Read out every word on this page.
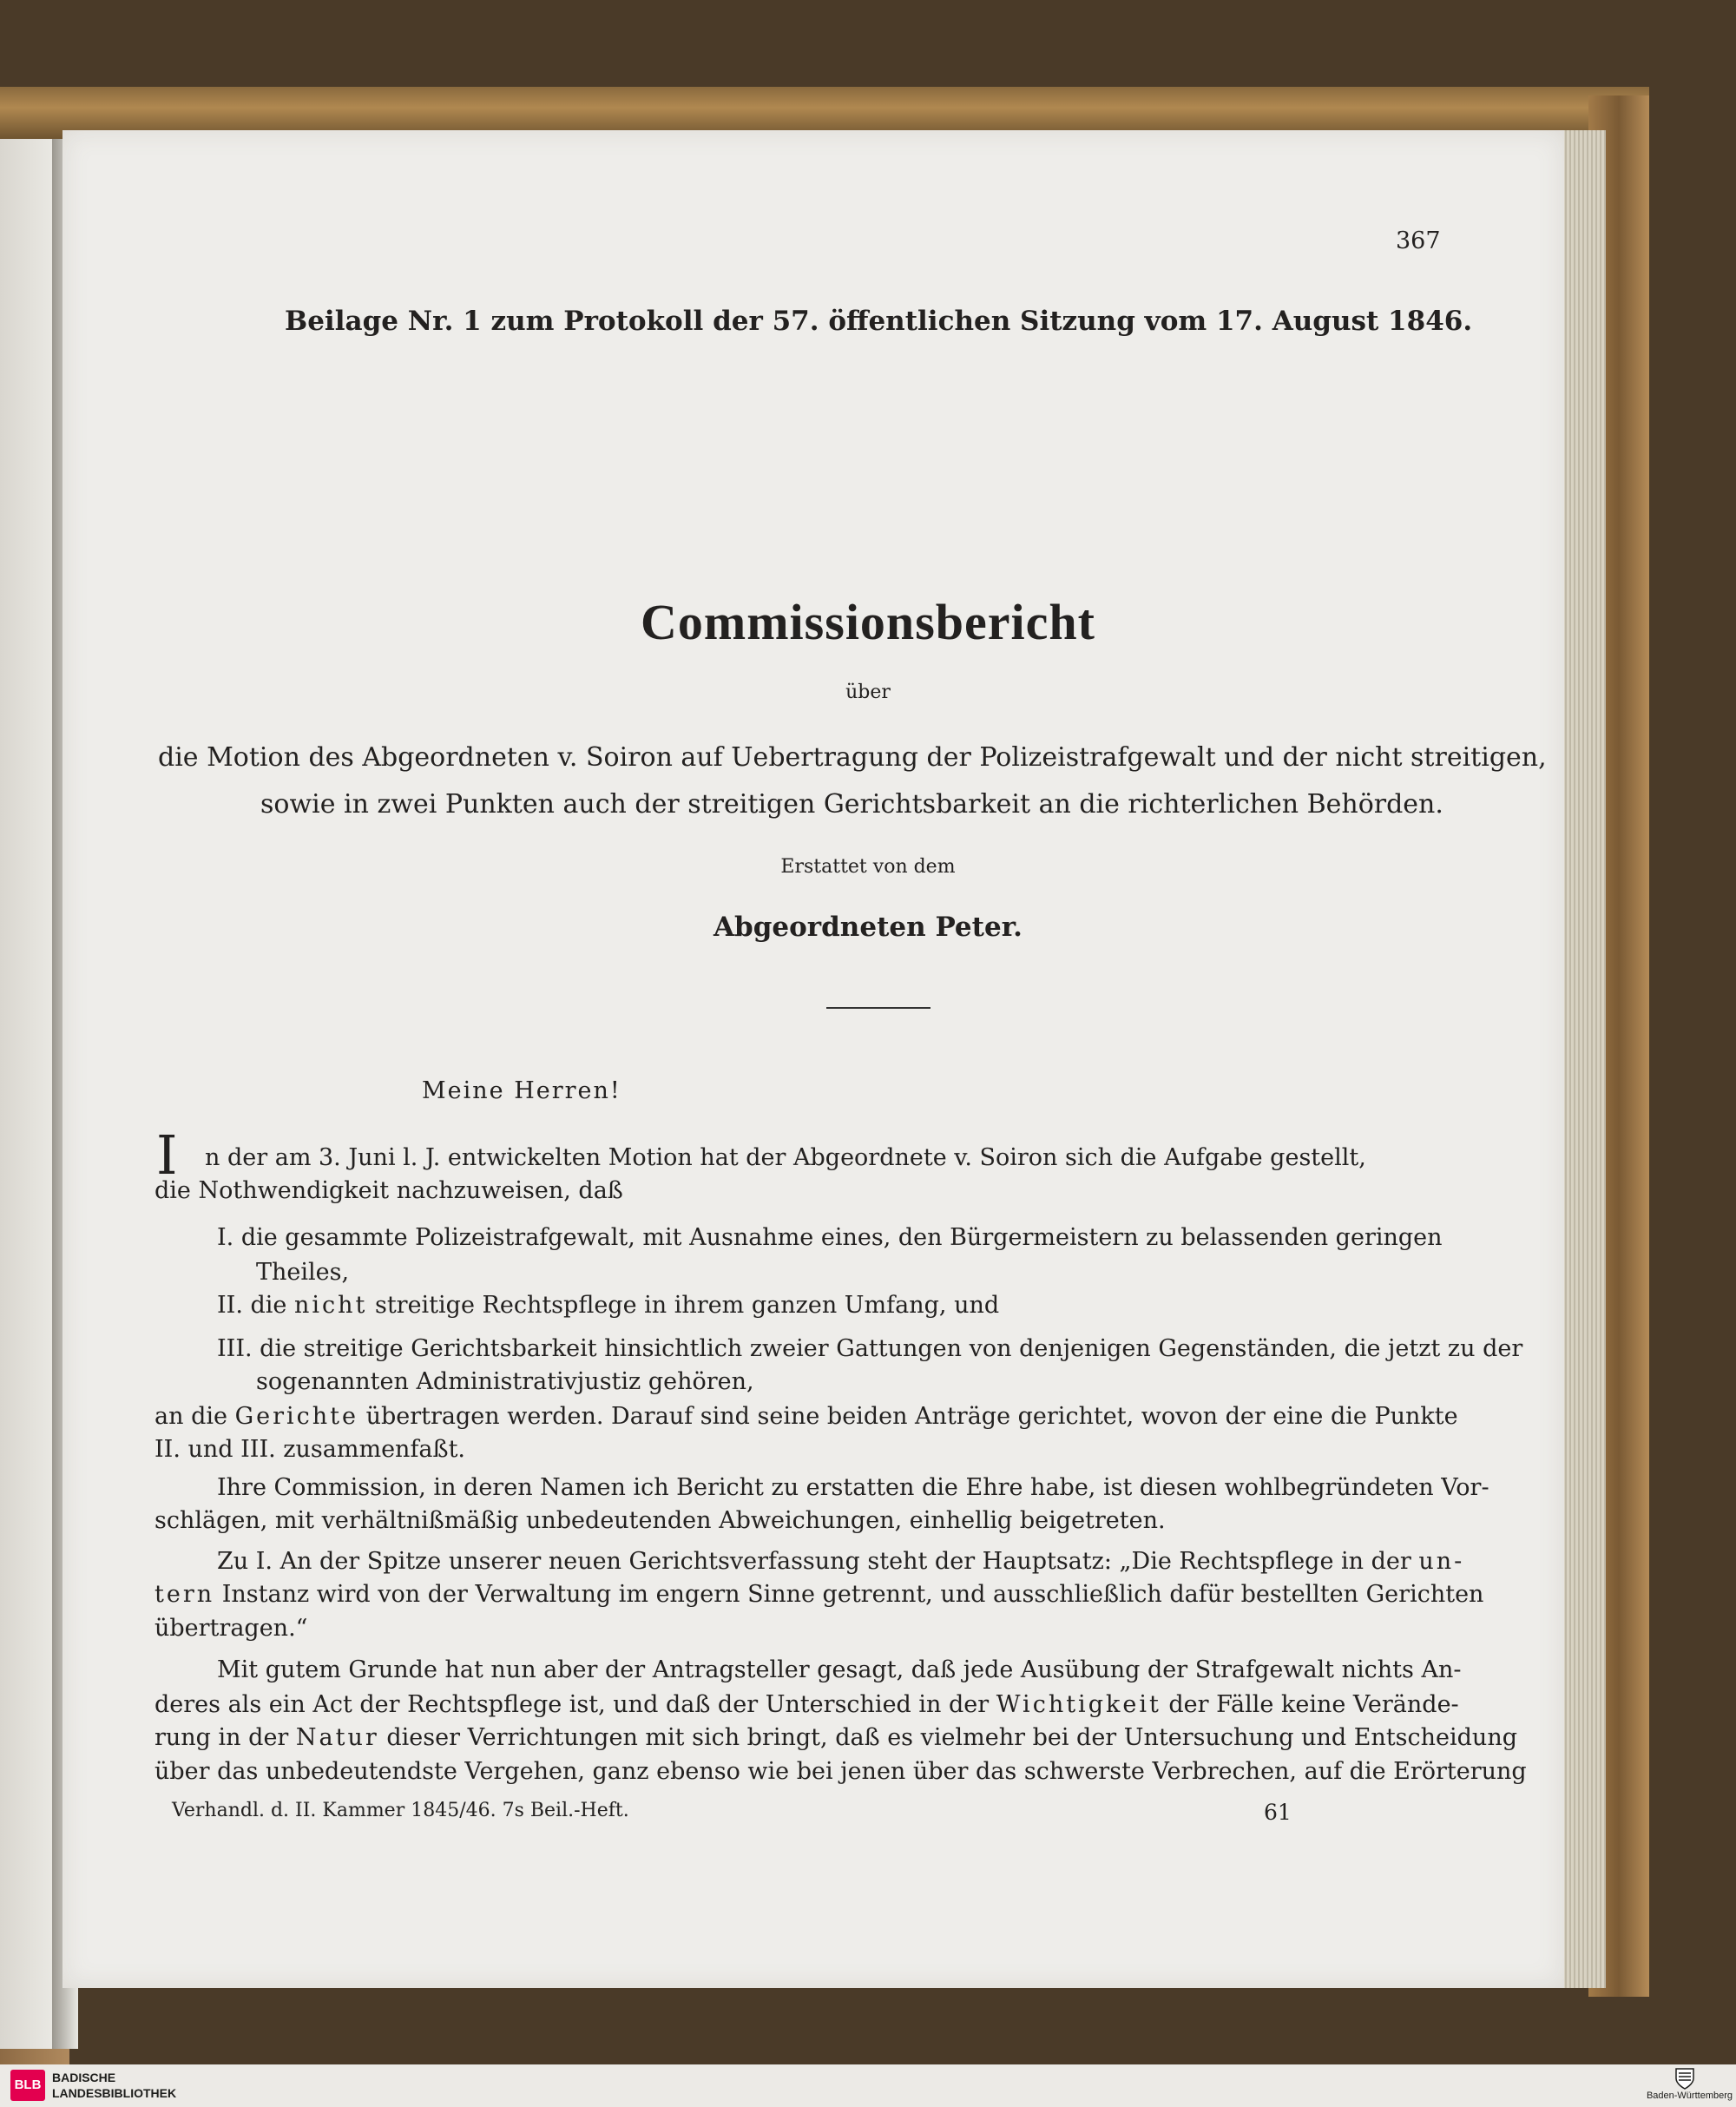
367
Beilage Nr. 1 zum Protokoll der 57. öffentlichen Sitzung vom 17. August 1846.
Commissionsbericht
über
die Motion des Abgeordneten v. Soiron auf Uebertragung der Polizeistrafgewalt und der nicht streitigen,
sowie in zwei Punkten auch der streitigen Gerichtsbarkeit an die richterlichen Behörden.
Erstattet von dem
Abgeordneten Peter.
Meine Herren!
I n der am 3. Juni l. J. entwickelten Motion hat der Abgeordnete v. Soiron sich die Aufgabe gestellt,
die Nothwendigkeit nachzuweisen, daß
I. die gesammte Polizeistrafgewalt, mit Ausnahme eines, den Bürgermeistern zu belassenden geringen
Theiles,
II. die nicht streitige Rechtspflege in ihrem ganzen Umfang, und
III. die streitige Gerichtsbarkeit hinsichtlich zweier Gattungen von denjenigen Gegenständen, die jetzt zu der
sogenannten Administrativjustiz gehören,
an die Gerichte übertragen werden. Darauf sind seine beiden Anträge gerichtet, wovon der eine die Punkte
II. und III. zusammenfaßt.
Ihre Commission, in deren Namen ich Bericht zu erstatten die Ehre habe, ist diesen wohlbegründeten Vor-
schlägen, mit verhältnißmäßig unbedeutenden Abweichungen, einhellig beigetreten.
Zu I. An der Spitze unserer neuen Gerichtsverfassung steht der Hauptsatz: „Die Rechtspflege in der un-
tern Instanz wird von der Verwaltung im engern Sinne getrennt, und ausschließlich dafür bestellten Gerichten
übertragen.“
Mit gutem Grunde hat nun aber der Antragsteller gesagt, daß jede Ausübung der Strafgewalt nichts An-
deres als ein Act der Rechtspflege ist, und daß der Unterschied in der Wichtigkeit der Fälle keine Verände-
rung in der Natur dieser Verrichtungen mit sich bringt, daß es vielmehr bei der Untersuchung und Entscheidung
über das unbedeutendste Vergehen, ganz ebenso wie bei jenen über das schwerste Verbrechen, auf die Erörterung
Verhandl. d. II. Kammer 1845/46. 7s Beil.-Heft.	61
BLB BADISCHE
LANDESBIBLIOTHEK	Baden-Württemberg
